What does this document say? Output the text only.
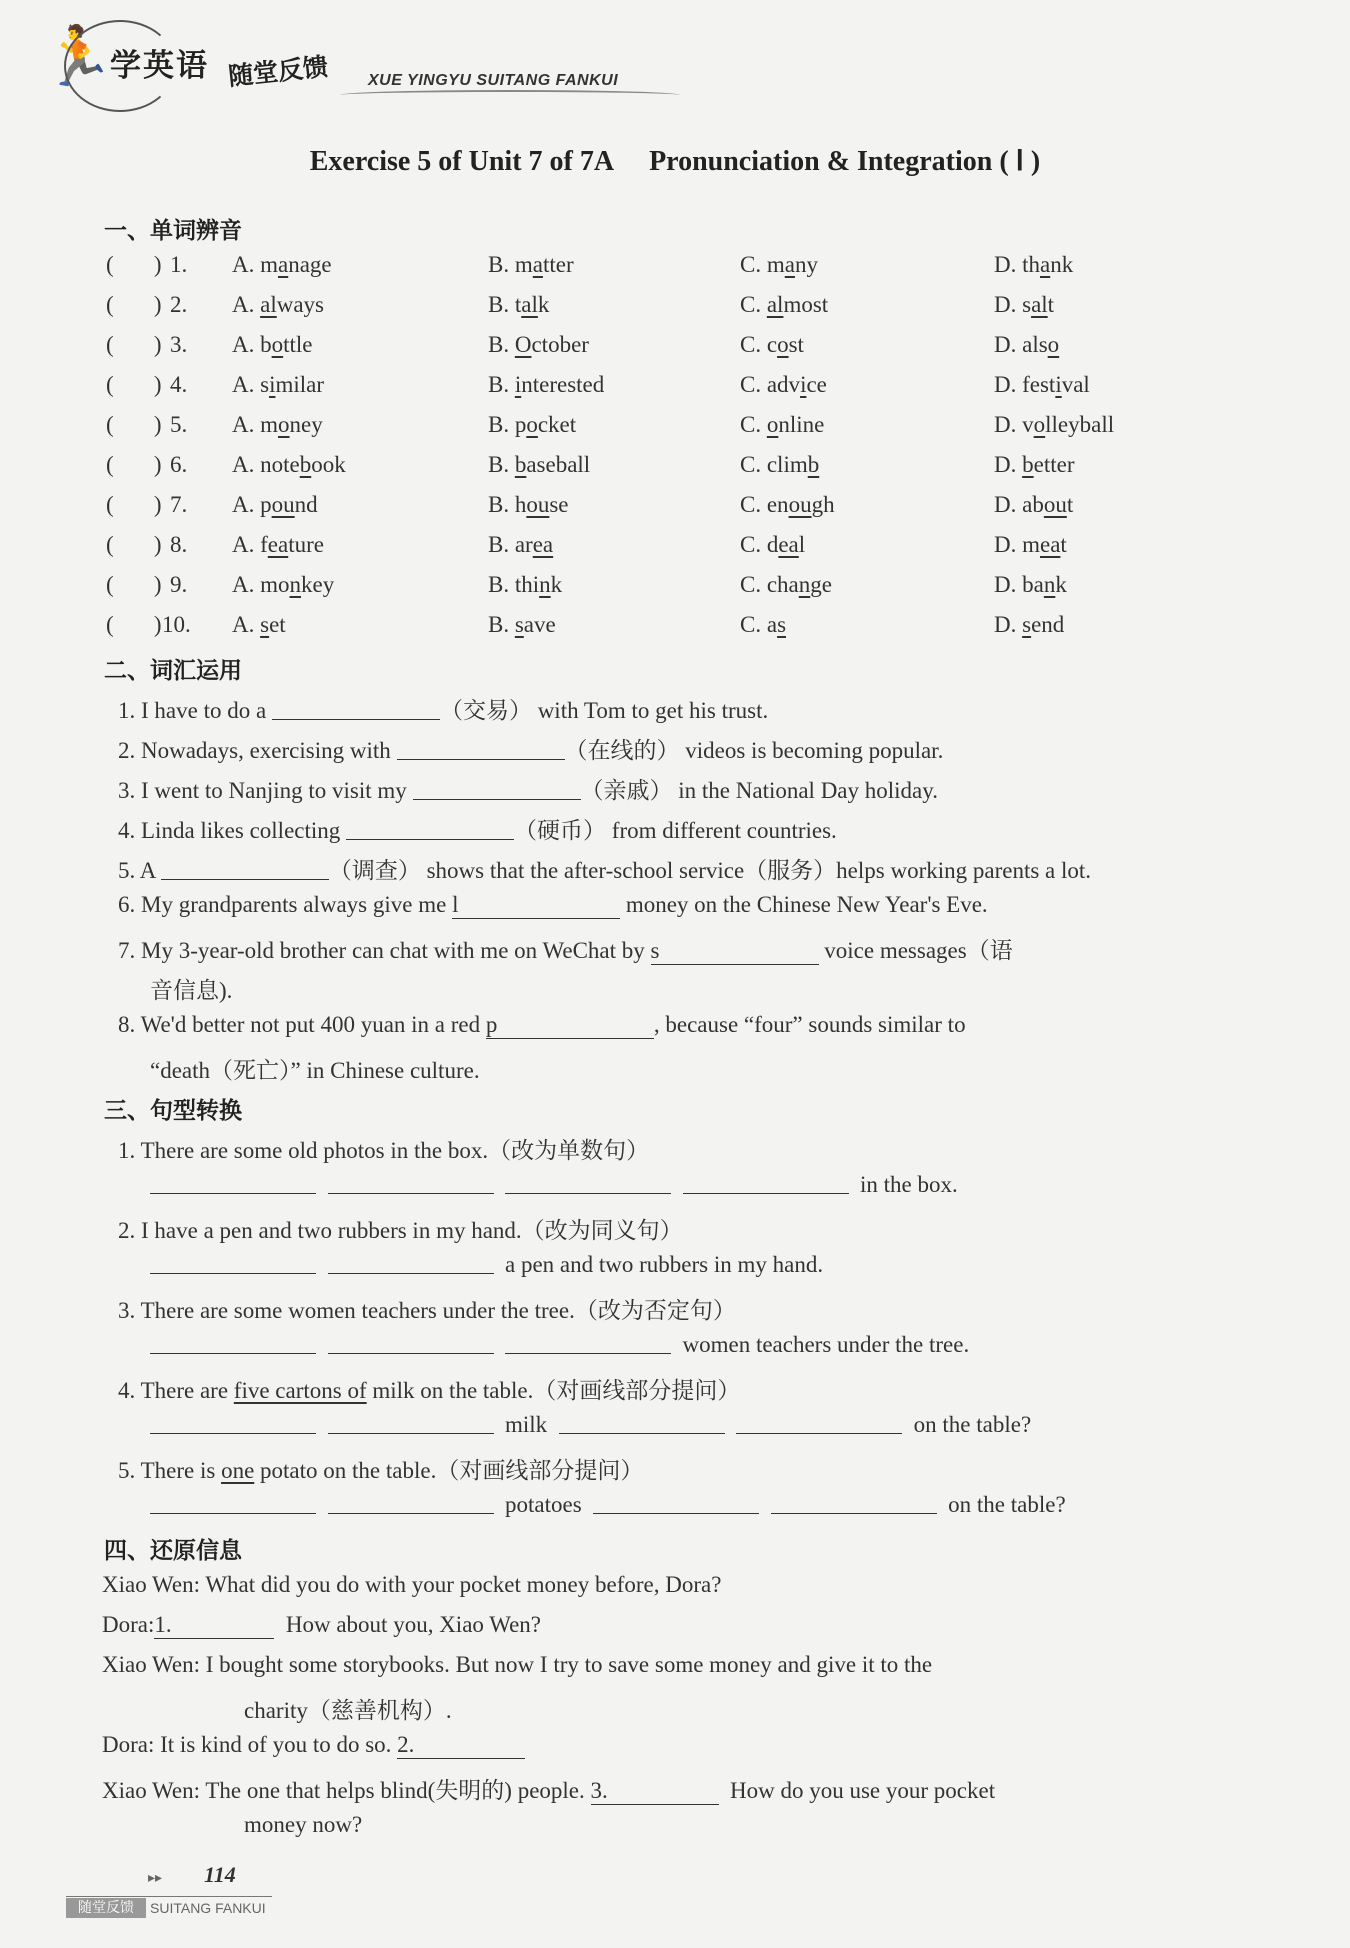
🏃
学英语 随堂反馈 XUE YINGYU SUITANG FANKUI
Exercise 5 of Unit 7 of 7A Pronunciation & Integration ( Ⅰ )
一、单词辨音
(       ) 1. A. manage	B. matter	C. many	D. thank
(       ) 2. A. always	B. talk	C. almost	D. salt
(       ) 3. A. bottle	B. October	C. cost	D. also
(       ) 4. A. similar	B. interested	C. advice	D. festival
(       ) 5. A. money	B. pocket	C. online	D. volleyball
(       ) 6. A. notebook	B. baseball	C. climb	D. better
(       ) 7. A. pound	B. house	C. enough	D. about
(       ) 8. A. feature	B. area	C. deal	D. meat
(       ) 9. A. monkey	B. think	C. change	D. bank
(       ) 10. A. set	B. save	C. as	D. send
二、词汇运用
1. I have to do a	（交易） with Tom to get his trust.
2. Nowadays, exercising with	（在线的） videos is becoming popular.
3. I went to Nanjing to visit my	（亲戚） in the National Day holiday.
4. Linda likes collecting	（硬币） from different countries.
5. A	（调查） shows that the after-school service（服务）helps working parents a lot.
6. My grandparents always give me l	money on the Chinese New Year's Eve.
7. My 3-year-old brother can chat with me on WeChat by s	voice messages（语
音信息).
8. We'd better not put 400 yuan in a red p	, because “four” sounds similar to
“death（死亡）” in Chinese culture.
三、句型转换
1. There are some old photos in the box.（改为单数句）
in the box.
2. I have a pen and two rubbers in my hand.（改为同义句）
a pen and two rubbers in my hand.
3. There are some women teachers under the tree.（改为否定句）
women teachers under the tree.
4. There are five cartons of milk on the table.（对画线部分提问）
milk	on the table?
5. There is one potato on the table.（对画线部分提问）
potatoes	on the table?
四、还原信息
Xiao Wen: What did you do with your pocket money before, Dora?
Dora:1.	How about you, Xiao Wen?
Xiao Wen: I bought some storybooks. But now I try to save some money and give it to the
charity（慈善机构）.
Dora: It is kind of you to do so. 2.
Xiao Wen: The one that helps blind(失明的) people. 3.	How do you use your pocket
money now?
▸▸ 114
随堂反馈	SUITANG FANKUI
